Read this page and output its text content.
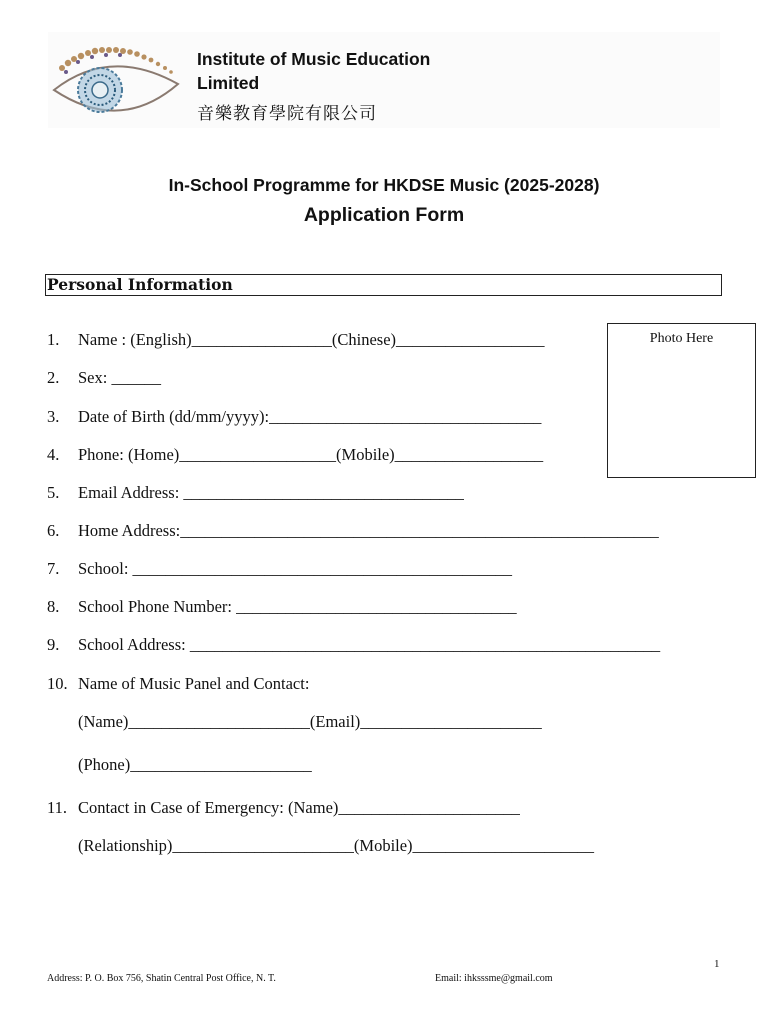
Institute of Music Education
Limited
音樂教育學院有限公司
In-School Programme for HKDSE Music (2025-2028)
Application Form
Personal Information
Photo Here
1. Name : (English)_________________(Chinese)__________________
2. Sex: ______
3. Date of Birth (dd/mm/yyyy):_________________________________
4. Phone: (Home)___________________(Mobile)__________________
5. Email Address: __________________________________
6. Home Address:__________________________________________________________
7. School: ______________________________________________
8. School Phone Number: __________________________________
9. School Address: _________________________________________________________
10. Name of Music Panel and Contact:
(Name)______________________(Email)______________________
(Phone)______________________
11. Contact in Case of Emergency: (Name)______________________
(Relationship)______________________(Mobile)______________________
1
Address: P. O. Box 756, Shatin Central Post Office, N. T.	Email: ihksssme@gmail.com
